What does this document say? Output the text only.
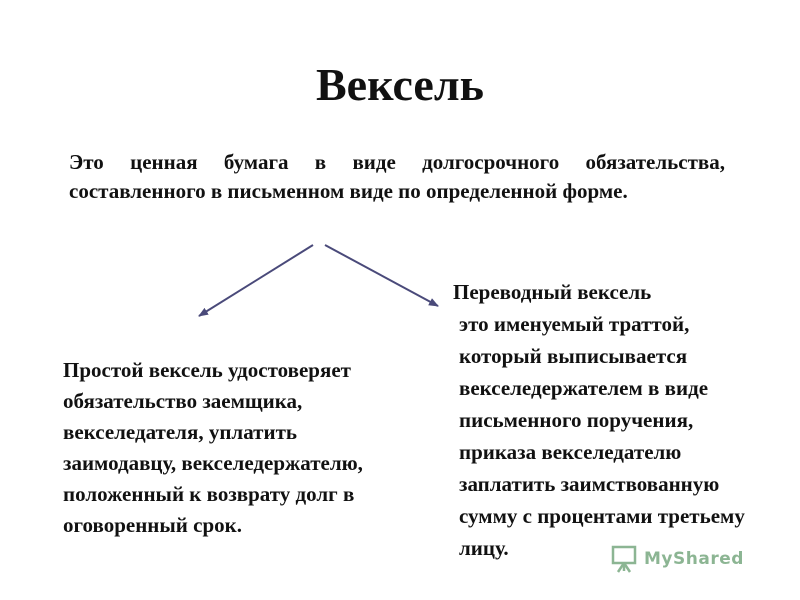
Вексель

Это ценная бумага в виде долгосрочного обязательства, составленного в письменном виде по определенной форме.

Простой вексель удостоверяет обязательство заемщика, векселедателя, уплатить заимодавцу, векселедержателю, положенный к возврату долг в оговоренный срок.

Переводный вексель
это именуемый траттой, который выписывается векселедержателем в виде письменного поручения, приказа векселедателю заплатить заимствованную сумму с процентами третьему лицу.	MyShared
